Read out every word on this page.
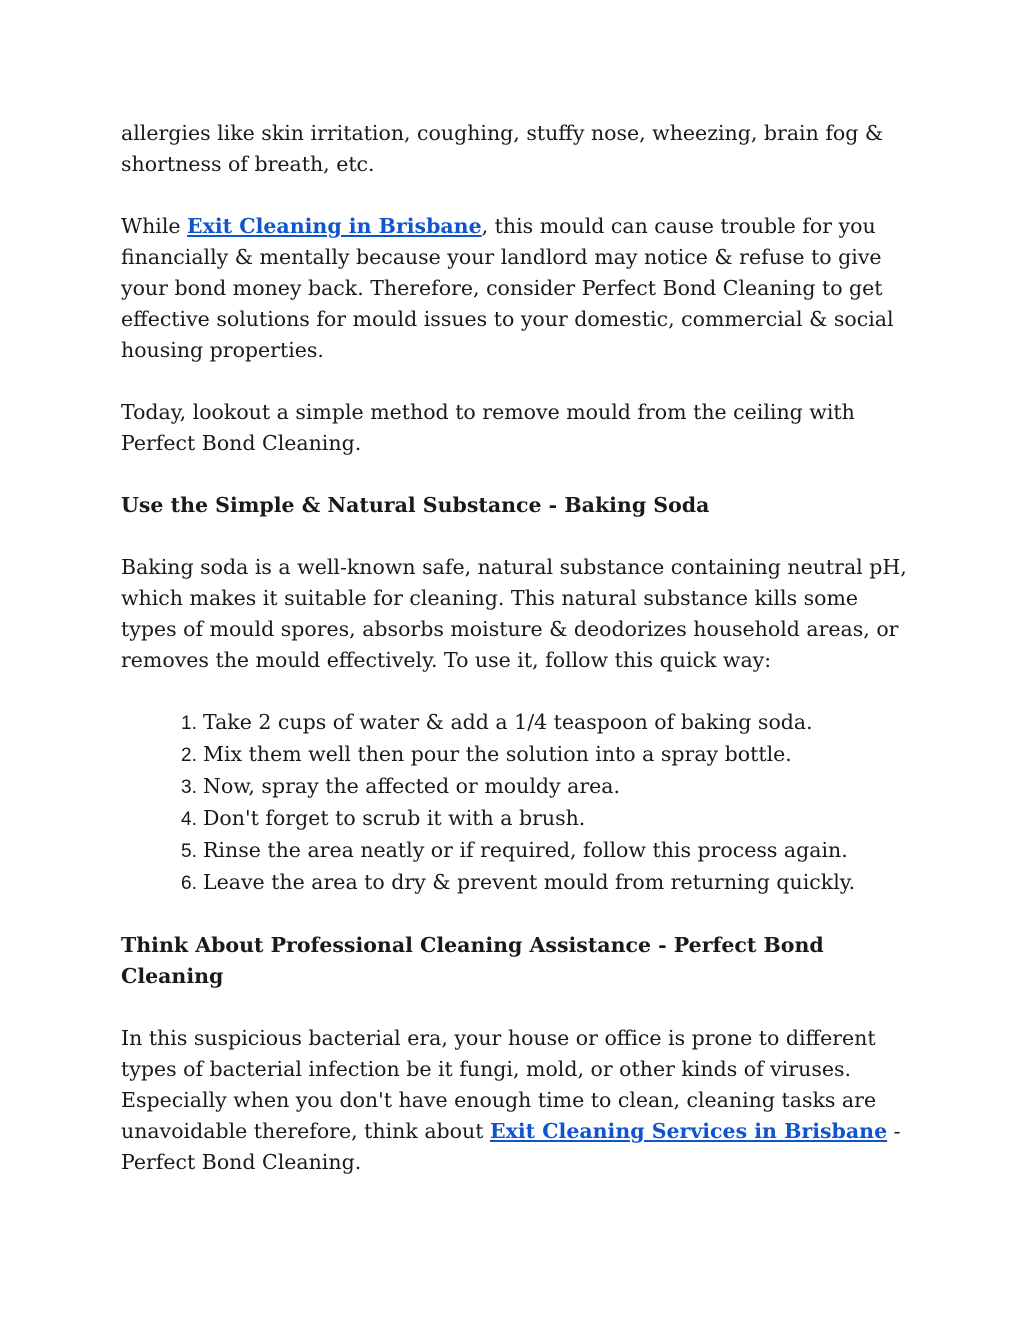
allergies like skin irritation, coughing, stuffy nose, wheezing, brain fog & shortness of breath, etc.

While Exit Cleaning in Brisbane, this mould can cause trouble for you financially & mentally because your landlord may notice & refuse to give your bond money back. Therefore, consider Perfect Bond Cleaning to get effective solutions for mould issues to your domestic, commercial & social housing properties.

Today, lookout a simple method to remove mould from the ceiling with Perfect Bond Cleaning.

Use the Simple & Natural Substance - Baking Soda

Baking soda is a well-known safe, natural substance containing neutral pH, which makes it suitable for cleaning. This natural substance kills some types of mould spores, absorbs moisture & deodorizes household areas, or removes the mould effectively. To use it, follow this quick way:

1. Take 2 cups of water & add a 1/4 teaspoon of baking soda.
2. Mix them well then pour the solution into a spray bottle.
3. Now, spray the affected or mouldy area.
4. Don't forget to scrub it with a brush.
5. Rinse the area neatly or if required, follow this process again.
6. Leave the area to dry & prevent mould from returning quickly.
Think About Professional Cleaning Assistance - Perfect Bond Cleaning

In this suspicious bacterial era, your house or office is prone to different types of bacterial infection be it fungi, mold, or other kinds of viruses. Especially when you don't have enough time to clean, cleaning tasks are unavoidable therefore, think about Exit Cleaning Services in Brisbane - Perfect Bond Cleaning.
